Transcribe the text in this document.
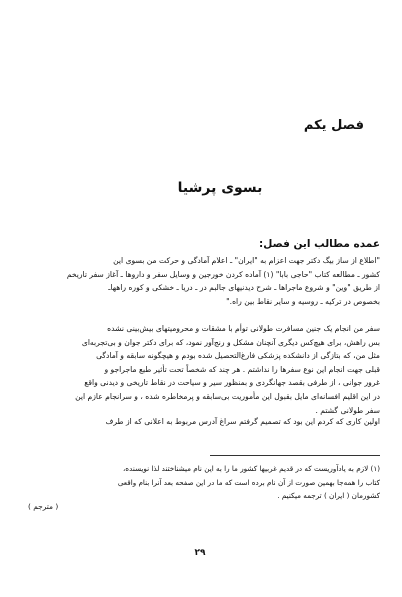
فصل یکم
بسوی پرشیا
عمده مطالب این فصل:
"اطلاع از ساز بیگ دکتر جهت اعزام به "ایران" ـ اعلام آمادگی و حرکت من بسوی این
کشور ـ مطالعه کتاب "حاجی بابا" (۱) آماده کردن خورجین و وسایل سفر و داروها ـ آغاز سفر تاریخم
از طریق "وین" و شروع ماجراها ـ شرح دیدنیهای جالبم در ـ دریا ـ خشکی و کوره راههاـ
بخصوص در ترکیه ـ روسیه و سایر نقاط بین راه."
سفر من انجام یک جنین مسافرت طولانی توأم با مشقات و محرومیتهای بیش‌بینی نشده
بس راهش، برای هیچ‌کس دیگری آنچنان مشکل و رنج‌آور نمود، که برای دکتر جوان و بی‌تجربه‌ای
مثل من، که بتازگی از دانشکده پزشکی فارغ‌التحصیل شده بودم و هیچگونه سابقه و آمادگی
قبلی جهت انجام این نوع سفرها را نداشتم . هر چند که شخصاً تحت تأثیر طبع ماجراجو و
غرور جوانی ، از طرفی بقصد جهانگردی و بمنظور سیر و سیاحت در نقاط تاریخی و دیدنی واقع
در این اقلیم افسانه‌ای مایل بقبول این مأموریت بی‌سابقه و پرمخاطره شده ، و سرانجام عازم این
سفر طولانی گشتم .
اولین کاری که کردم این بود که تصمیم گرفتم سراغ آدرس مربوط به اعلانی که از طرف
(۱) لازم به یادآوریست که در قدیم غربیها کشور ما را به این نام میشناختند لذا نویسنده،
کتاب را همه‌جا بهمین صورت از آن نام برده است که ما در این صفحه بعد آنرا بنام واقعی
کشورمان ( ایران ) ترجمه میکنیم .
( مترجم )
۲۹
